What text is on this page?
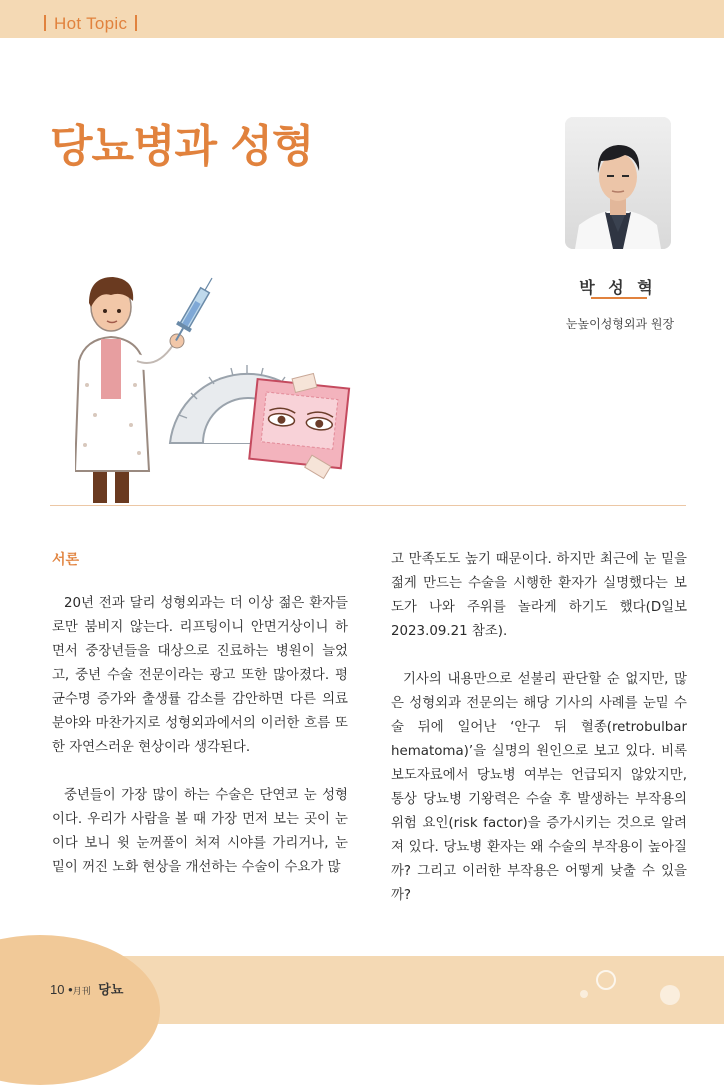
Hot Topic
당뇨병과 성형
박 성 혁
눈높이성형외과 원장
서론

20년 전과 달리 성형외과는 더 이상 젊은 환자들로만 붐비지 않는다. 리프팅이니 안면거상이니 하면서 중장년들을 대상으로 진료하는 병원이 늘었고, 중년 수술 전문이라는 광고 또한 많아졌다. 평균수명 증가와 출생률 감소를 감안하면 다른 의료분야와 마찬가지로 성형외과에서의 이러한 흐름 또한 자연스러운 현상이라 생각된다.

중년들이 가장 많이 하는 수술은 단연코 눈 성형이다. 우리가 사람을 볼 때 가장 먼저 보는 곳이 눈이다 보니 윗 눈꺼풀이 처져 시야를 가리거나, 눈 밑이 꺼진 노화 현상을 개선하는 수술이 수요가 많

고 만족도도 높기 때문이다. 하지만 최근에 눈 밑을 젊게 만드는 수술을 시행한 환자가 실명했다는 보도가 나와 주위를 놀라게 하기도 했다(D일보 2023.09.21 참조).

기사의 내용만으로 섣불리 판단할 순 없지만, 많은 성형외과 전문의는 해당 기사의 사례를 눈밑 수술 뒤에 일어난 ‘안구 뒤 혈종(retrobulbar hematoma)’을 실명의 원인으로 보고 있다. 비록 보도자료에서 당뇨병 여부는 언급되지 않았지만, 통상 당뇨병 기왕력은 수술 후 발생하는 부작용의 위험 요인(risk factor)을 증가시키는 것으로 알려져 있다. 당뇨병 환자는 왜 수술의 부작용이 높아질까? 그리고 이러한 부작용은 어떻게 낮출 수 있을까?

10 •月刊 당뇨
